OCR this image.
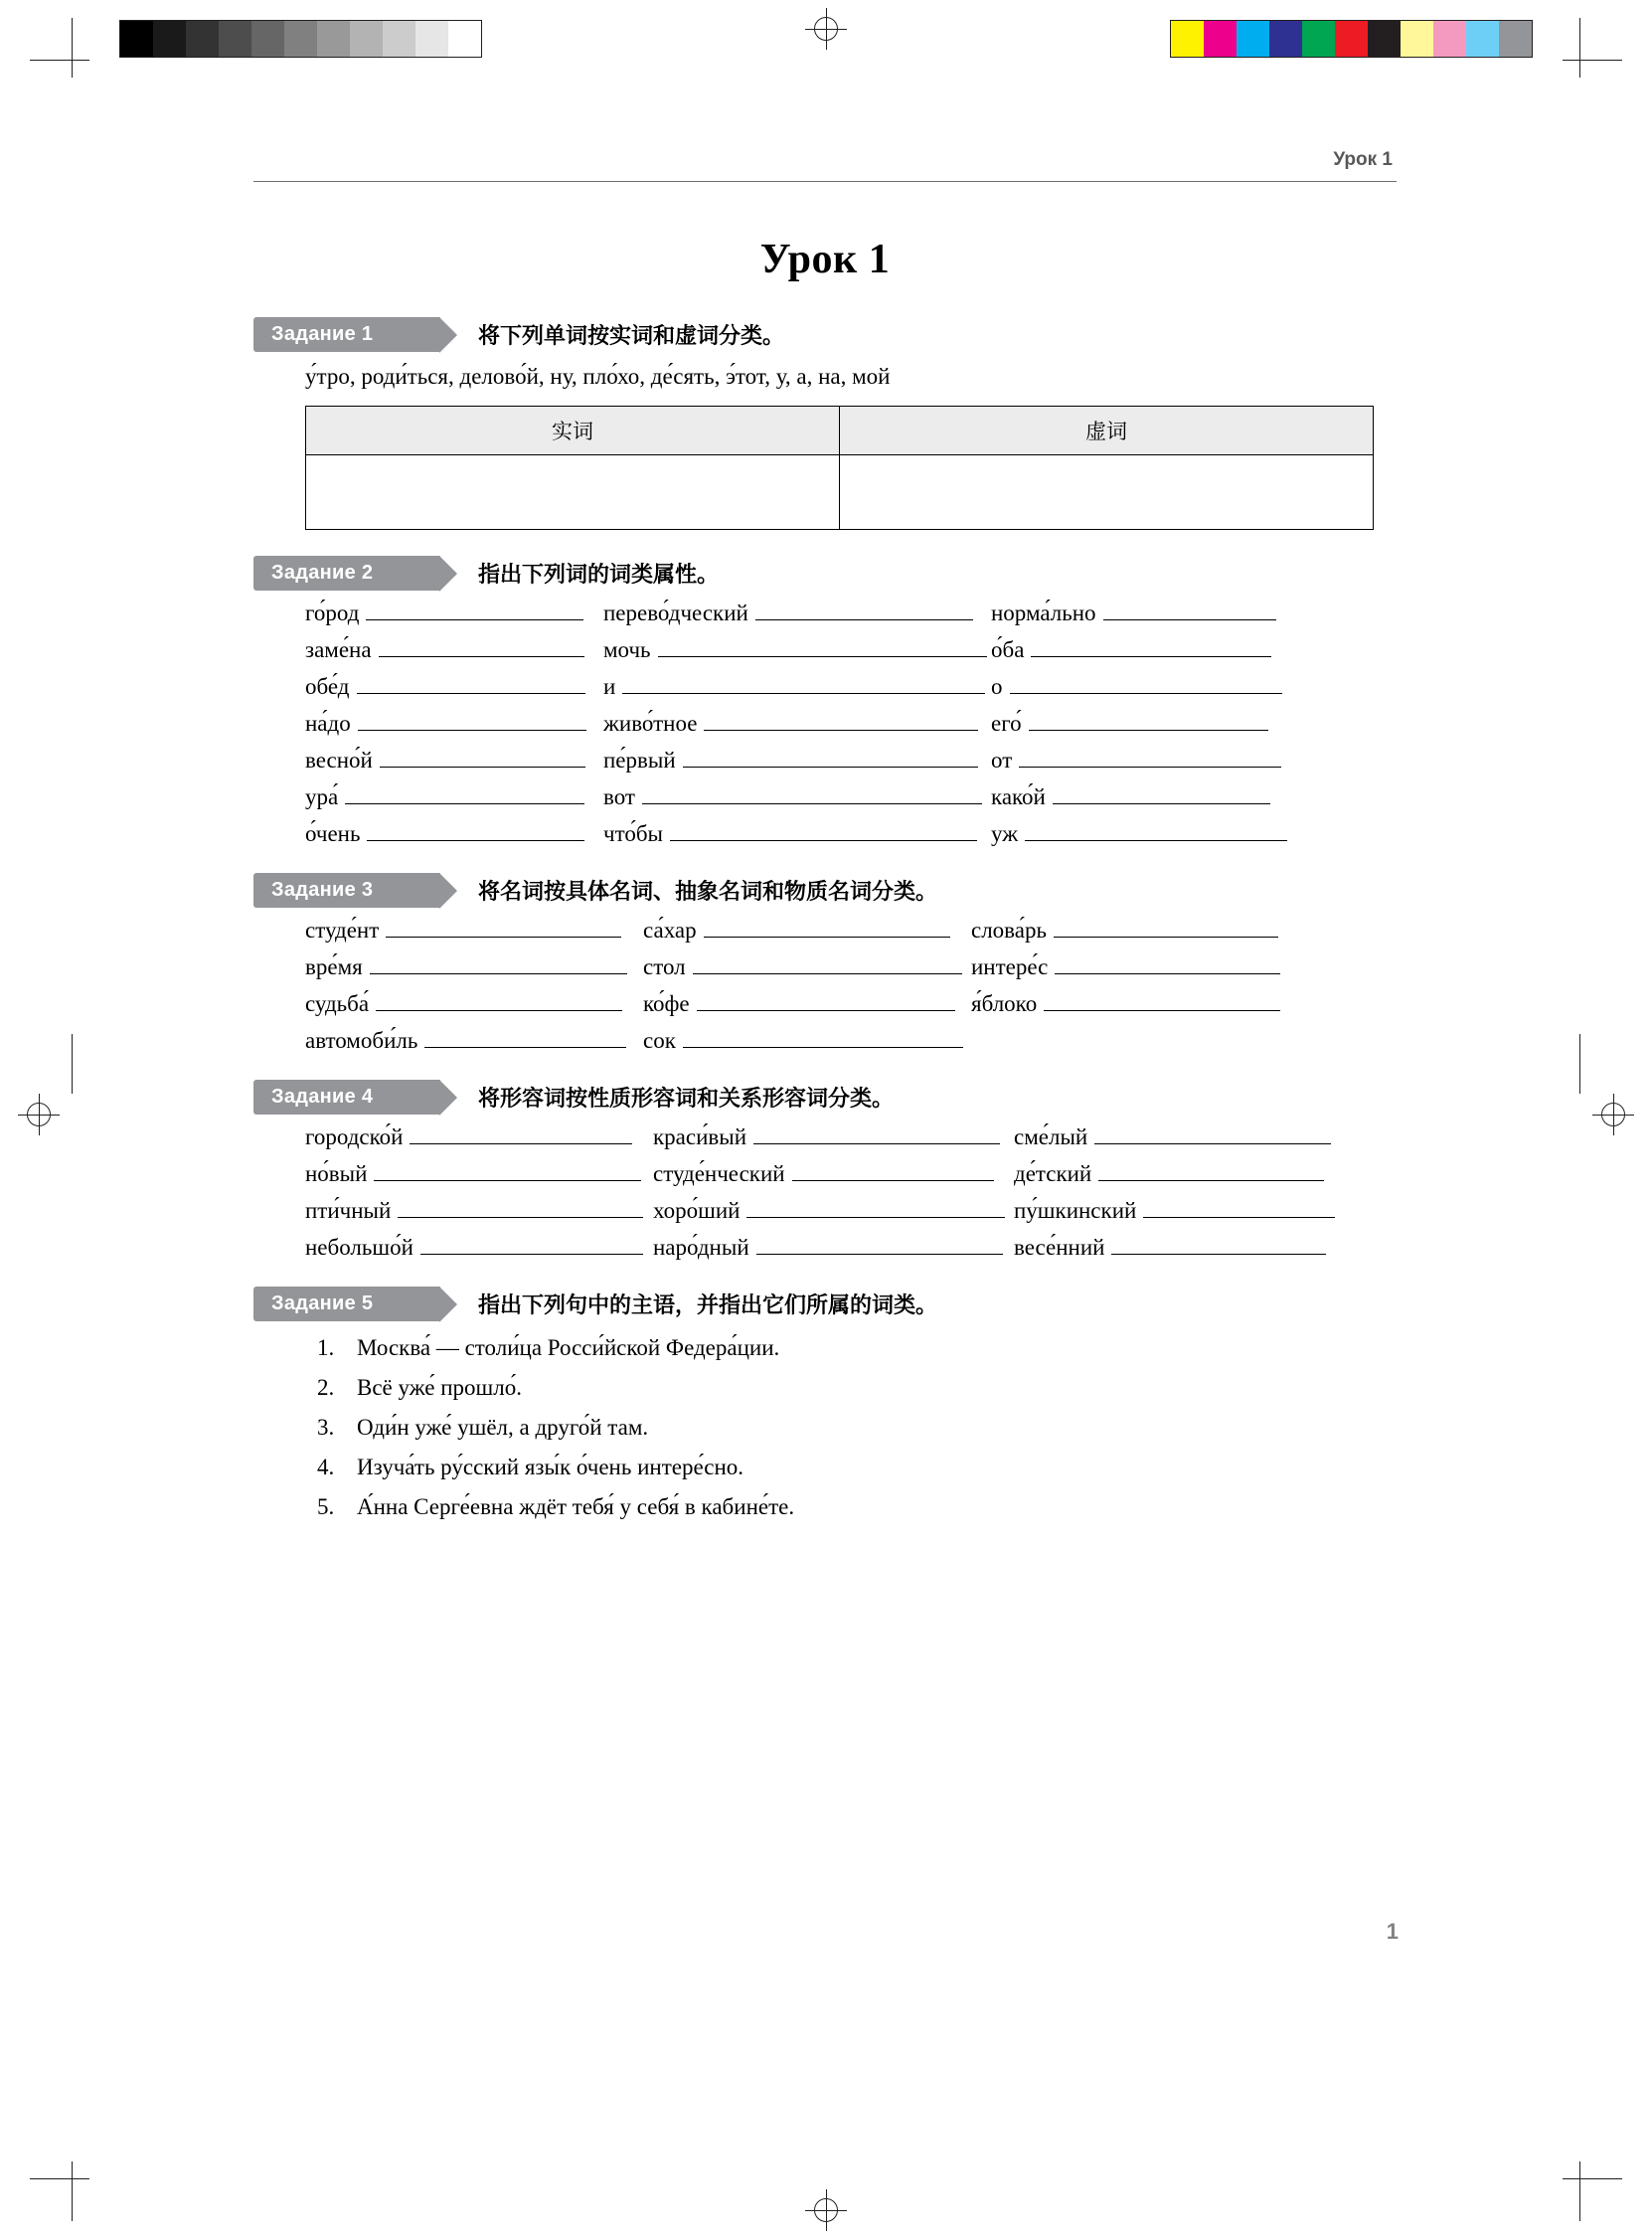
Урок 1
Урок 1
Задание 1	将下列单词按实词和虚词分类。
у́тро, роди́ться, делово́й, ну, пло́хо, де́сять, э́тот, у, а, на, мой
实词	虚词

Задание 2	指出下列词的词类属性。
го́род	перево́дческий	норма́льно
заме́на	мочь	о́ба
обе́д	и	о
на́до	живо́тное	его́
весно́й	пе́рвый	от
ура́	вот	како́й
о́чень	что́бы	уж
Задание 3	将名词按具体名词、抽象名词和物质名词分类。
студе́нт	са́хар	слова́рь
вре́мя	стол	интере́с
судьба́	ко́фе	я́блоко
автомоби́ль	сок
Задание 4	将形容词按性质形容词和关系形容词分类。
городско́й	краси́вый	сме́лый
но́вый	студе́нческий	де́тский
пти́чный	хоро́ший	пу́шкинский
небольшо́й	наро́дный	весе́нний
Задание 5	指出下列句中的主语，并指出它们所属的词类。
1. Москва́ — столи́ца Росси́йской Федера́ции.
2. Всё уже́ прошло́.
3. Оди́н уже́ ушёл, а друго́й там.
4. Изуча́ть ру́сский язы́к о́чень интере́сно.
5. А́нна Серге́евна ждёт тебя́ у себя́ в кабине́те.
1
